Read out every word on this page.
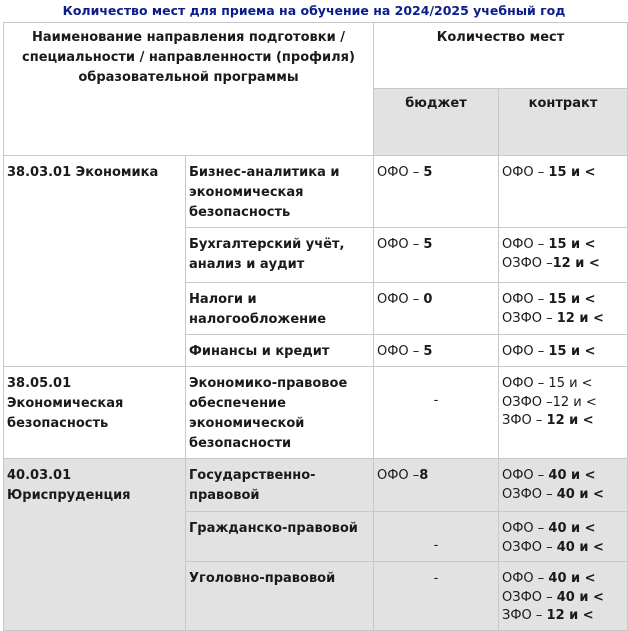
Количество мест для приема на обучение на 2024/2025 учебный год
Наименование направления подготовки / специальности / направленности (профиля) образовательной программы		Количество мест	
		бюджет	контракт
38.03.01 Экономика	Бизнес-аналитика и экономическая безопасность	ОФО – 5	ОФО – 15 и <

	Бухгалтерский учёт, анализ и аудит	ОФО – 5	ОФО – 15 и <
ОЗФО –12 и <

	Налоги и налогообложение	ОФО – 0	ОФО – 15 и <
ОЗФО – 12 и <

	Финансы и кредит	ОФО – 5	ОФО – 15 и <

38.05.01 Экономическая безопасность	Экономико-правовое обеспечение экономической безопасности	-	ОФО – 15 и <
ОЗФО –12 и <
ЗФО – 12 и <

40.03.01 Юриспруденция	Государственно-правовой	ОФО –8	ОФО – 40 и <
ОЗФО – 40 и <

	Гражданско-правовой	-	ОФО – 40 и <
ОЗФО – 40 и <

	Уголовно-правовой	-	ОФО – 40 и <
ОЗФО – 40 и <
ЗФО – 12 и <
